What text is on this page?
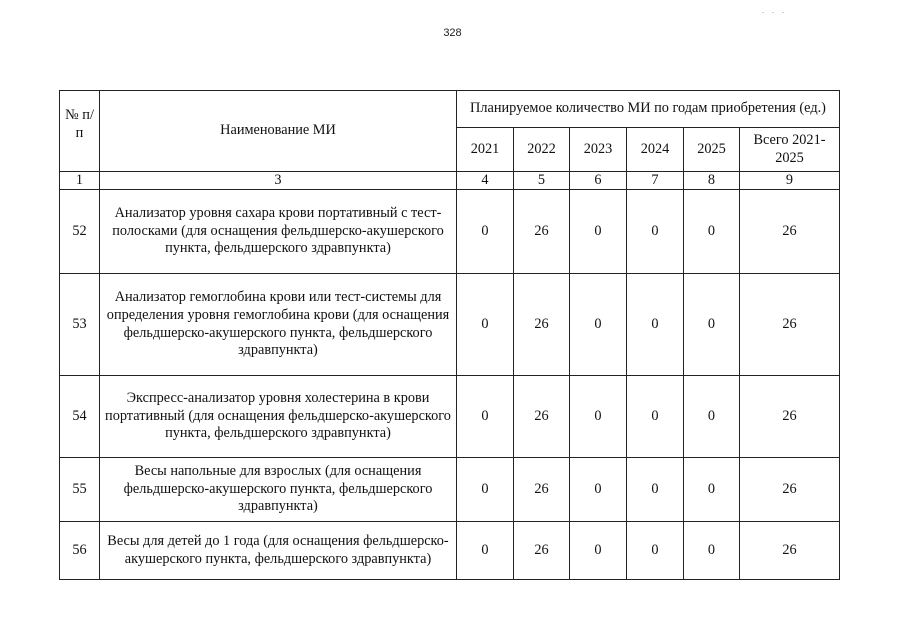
. . .
328
№ п/п	Наименование МИ	Планируемое количество МИ по годам приобретения (ед.)					
		2021	2022	2023	2024	2025	Всего 2021-2025
1	3	4	5	6	7	8	9
52	Анализатор уровня сахара крови портативный с тест-полосками (для оснащения фельдшерско-акушерского пункта, фельдшерского здравпункта)	0	26	0	0	0	26
53	Анализатор гемоглобина крови или тест-системы для определения уровня гемоглобина крови (для оснащения фельдшерско-акушерского пункта, фельдшерского здравпункта)	0	26	0	0	0	26
54	Экспресс-анализатор уровня холестерина в крови портативный (для оснащения фельдшерско-акушерского пункта, фельдшерского здравпункта)	0	26	0	0	0	26
55	Весы напольные для взрослых (для оснащения фельдшерско-акушерского пункта, фельдшерского здравпункта)	0	26	0	0	0	26
56	Весы для детей до 1 года (для оснащения фельдшерско-акушерского пункта, фельдшерского здравпункта)	0	26	0	0	0	26
